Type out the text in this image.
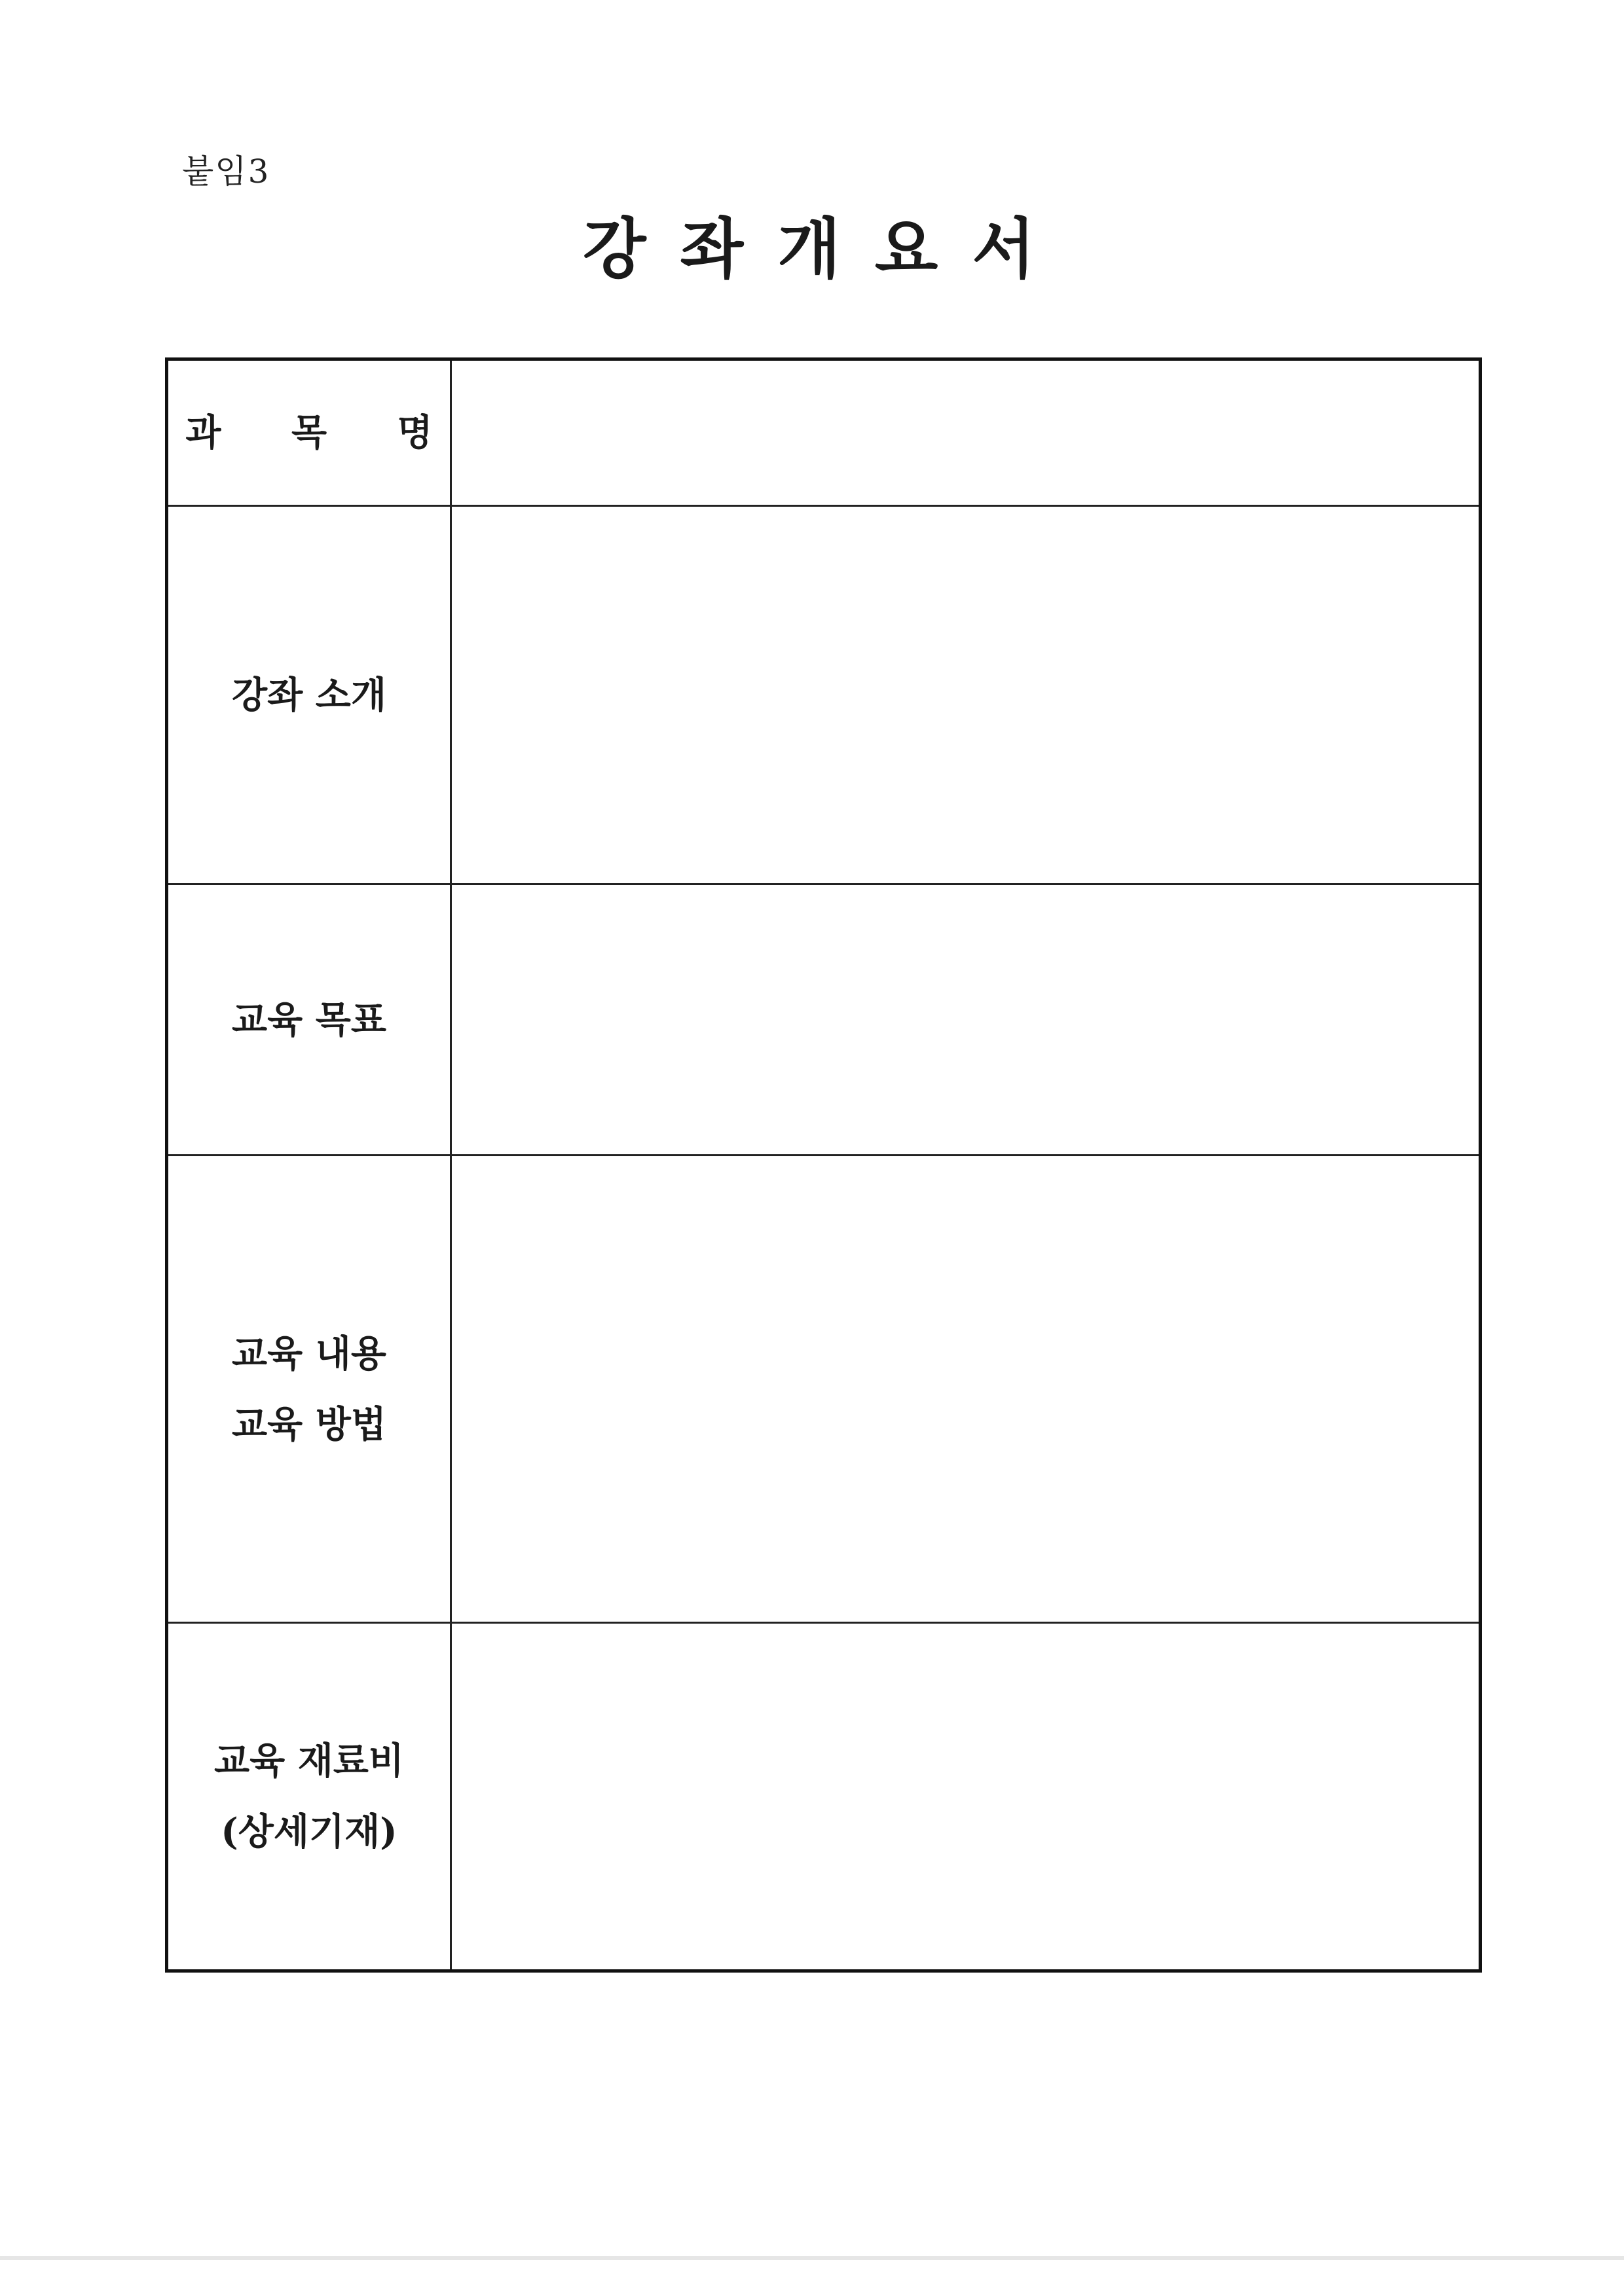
붙임3
강좌개요서
과 목 명	

강좌 소개	

교육 목표	

교육 내용
교육 방법	

교육 재료비
(상세기재)	
